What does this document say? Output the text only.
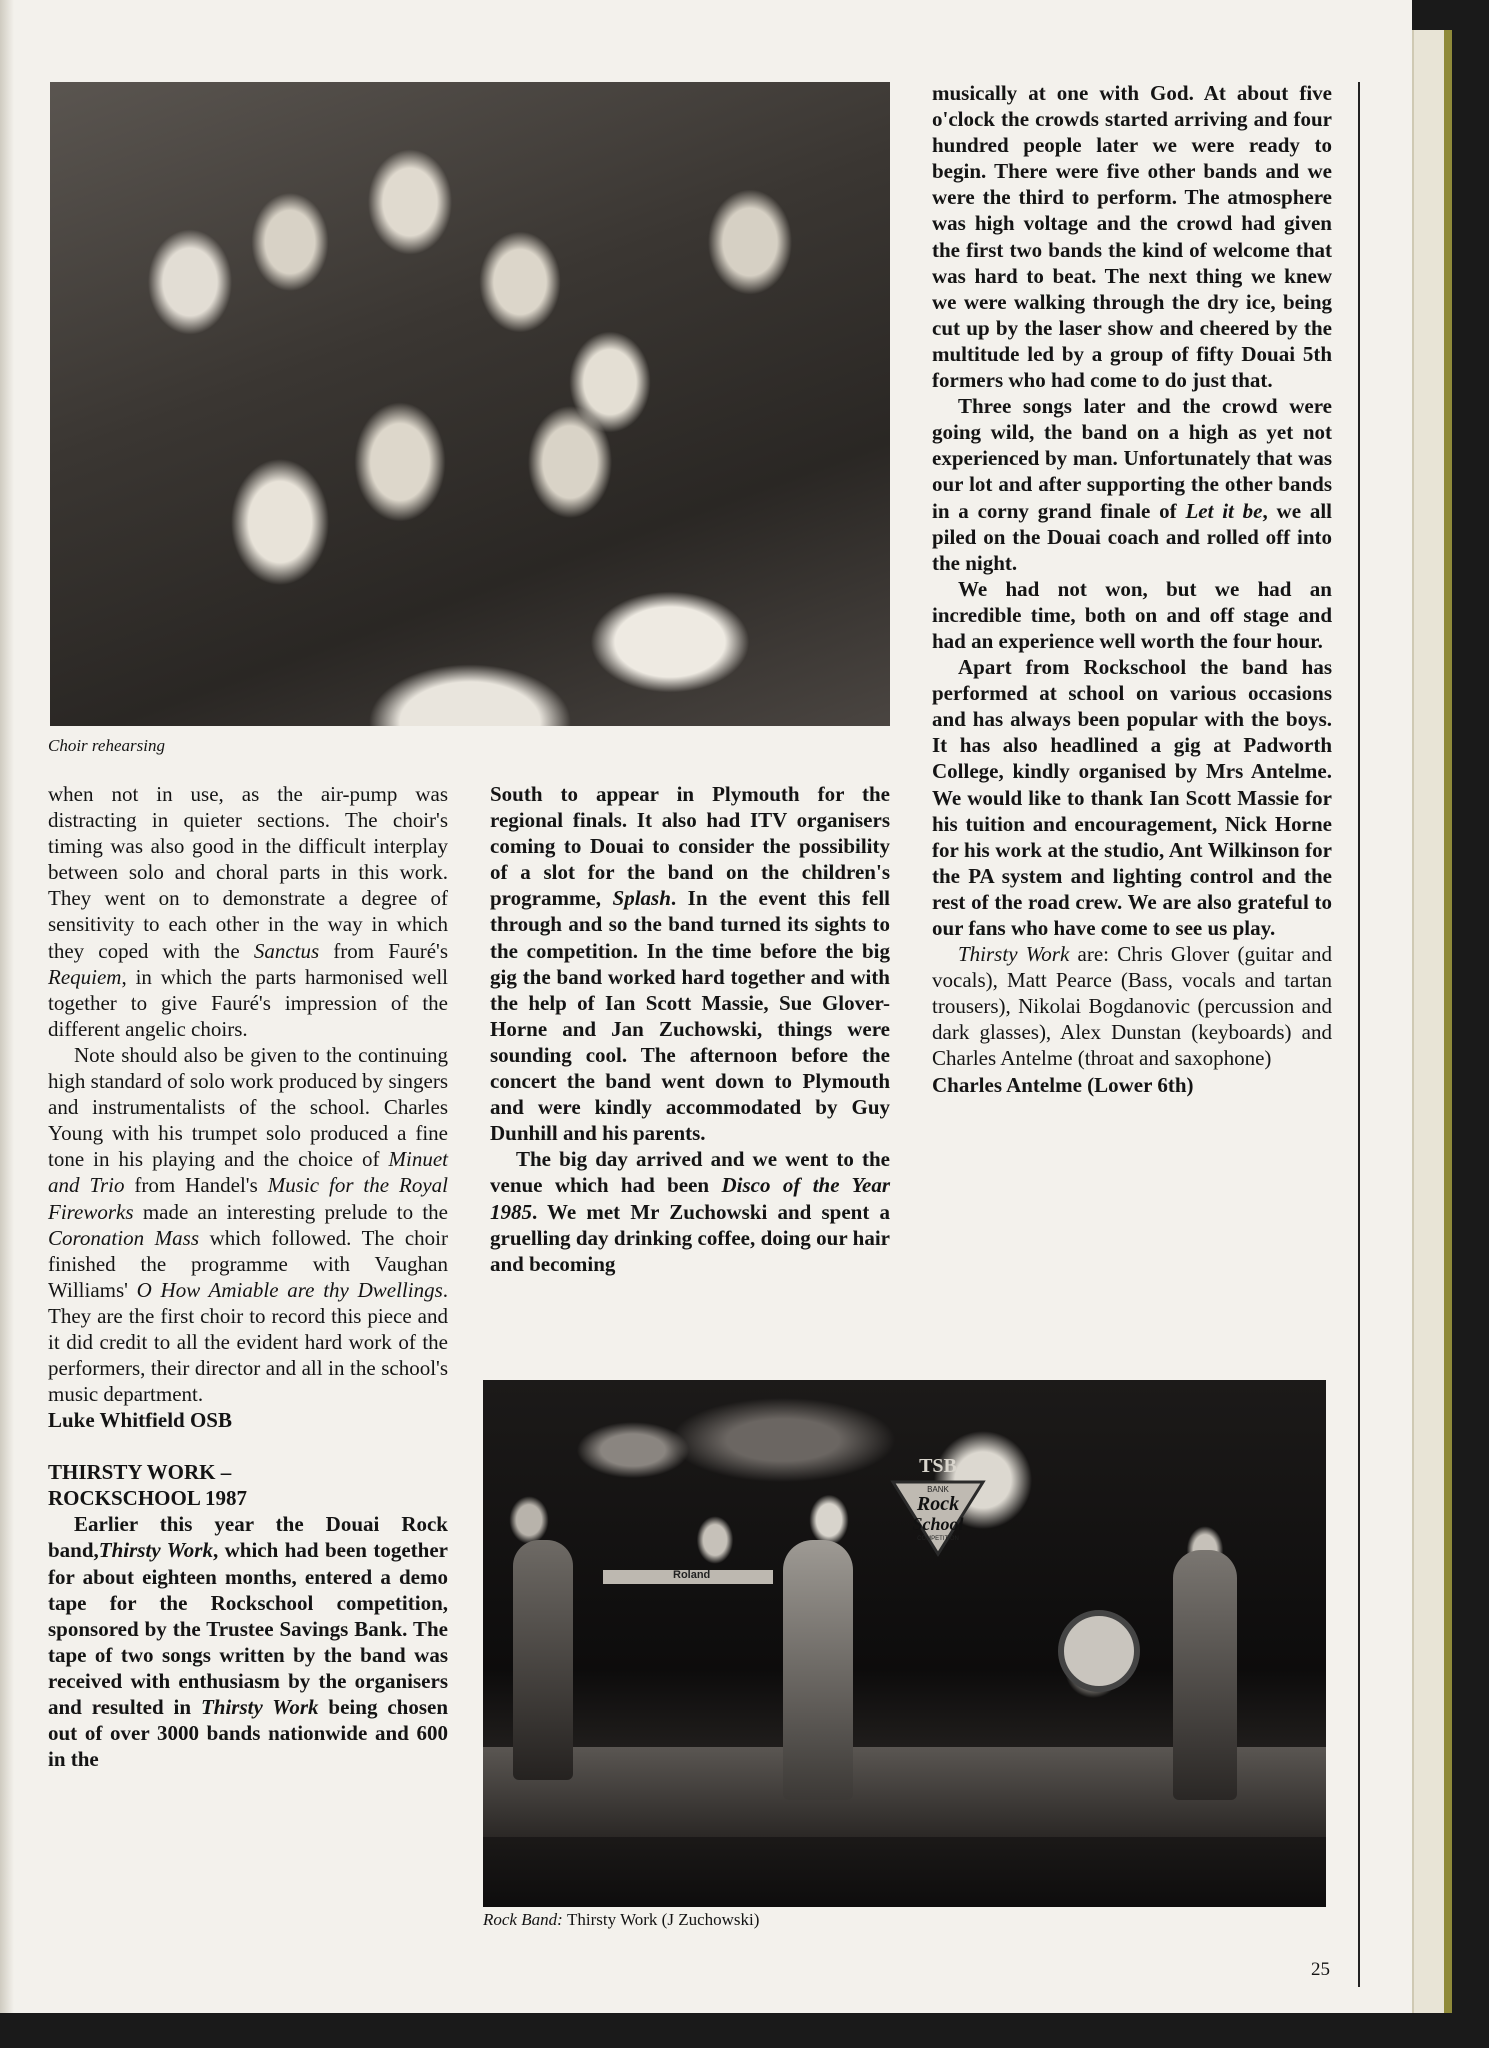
Choir rehearsing

when not in use, as the air-pump was distracting in quieter sections. The choir's timing was also good in the difficult interplay between solo and choral parts in this work. They went on to demonstrate a degree of sensitivity to each other in the way in which they coped with the Sanctus from Fauré's Requiem, in which the parts harmonised well together to give Fauré's impression of the different angelic choirs.

Note should also be given to the continuing high standard of solo work produced by singers and instrumentalists of the school. Charles Young with his trumpet solo produced a fine tone in his playing and the choice of Minuet and Trio from Handel's Music for the Royal Fireworks made an interesting prelude to the Coronation Mass which followed. The choir finished the programme with Vaughan Williams' O How Amiable are thy Dwellings. They are the first choir to record this piece and it did credit to all the evident hard work of the performers, their director and all in the school's music department.

Luke Whitfield OSB

THIRSTY WORK –
ROCKSCHOOL 1987

Earlier this year the Douai Rock band,Thirsty Work, which had been together for about eighteen months, entered a demo tape for the Rockschool competition, sponsored by the Trustee Savings Bank. The tape of two songs written by the band was received with enthusiasm by the organisers and resulted in Thirsty Work being chosen out of over 3000 bands nationwide and 600 in the

South to appear in Plymouth for the regional finals. It also had ITV organisers coming to Douai to consider the possibility of a slot for the band on the children's programme, Splash. In the event this fell through and so the band turned its sights to the competition. In the time before the big gig the band worked hard together and with the help of Ian Scott Massie, Sue Glover-Horne and Jan Zuchowski, things were sounding cool. The afternoon before the concert the band went down to Plymouth and were kindly accommodated by Guy Dunhill and his parents.

The big day arrived and we went to the venue which had been Disco of the Year 1985. We met Mr Zuchowski and spent a gruelling day drinking coffee, doing our hair and becoming

musically at one with God. At about five o'clock the crowds started arriving and four hundred people later we were ready to begin. There were five other bands and we were the third to perform. The atmosphere was high voltage and the crowd had given the first two bands the kind of welcome that was hard to beat. The next thing we knew we were walking through the dry ice, being cut up by the laser show and cheered by the multitude led by a group of fifty Douai 5th formers who had come to do just that.

Three songs later and the crowd were going wild, the band on a high as yet not experienced by man. Unfortunately that was our lot and after supporting the other bands in a corny grand finale of Let it be, we all piled on the Douai coach and rolled off into the night.

We had not won, but we had an incredible time, both on and off stage and had an experience well worth the four hour.

Apart from Rockschool the band has performed at school on various occasions and has always been popular with the boys. It has also headlined a gig at Padworth College, kindly organised by Mrs Antelme. We would like to thank Ian Scott Massie for his tuition and encouragement, Nick Horne for his work at the studio, Ant Wilkinson for the PA system and lighting control and the rest of the road crew. We are also grateful to our fans who have come to see us play.

Thirsty Work are: Chris Glover (guitar and vocals), Matt Pearce (Bass, vocals and tartan trousers), Nikolai Bogdanovic (percussion and dark glasses), Alex Dunstan (keyboards) and Charles Antelme (throat and saxophone)

Charles Antelme (Lower 6th)

Roland
TSB
BANK
Rock
School
COMPETITION
Rock Band: Thirsty Work (J Zuchowski)
25
